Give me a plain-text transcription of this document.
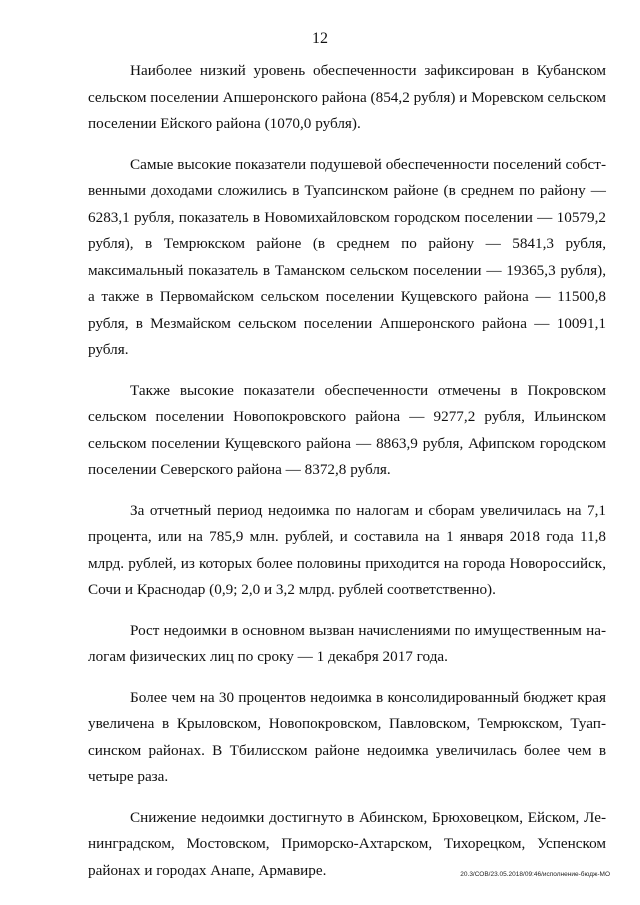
12

Наиболее низкий уровень обеспеченности зафиксирован в Кубанском сельском поселении Апшеронского района (854,2 рубля) и Моревском сельском поселении Ейского района (1070,0 рубля).

Самые высокие показатели подушевой обеспеченности поселений собственными доходами сложились в Туапсинском районе (в среднем по району — 6283,1 рубля, показатель в Новомихайловском городском поселении — 10579,2 рубля), в Темрюкском районе (в среднем по району — 5841,3 рубля, максимальный показатель в Таманском сельском поселении — 19365,3 рубля), а также в Первомайском сельском поселении Кущевского района — 11500,8 рубля, в Мезмайском сельском поселении Апшеронского района — 10091,1 рубля.

Также высокие показатели обеспеченности отмечены в Покровском сельском поселении Новопокровского района — 9277,2 рубля, Ильинском сельском поселении Кущевского района — 8863,9 рубля, Афипском городском поселении Северского района — 8372,8 рубля.

За отчетный период недоимка по налогам и сборам увеличилась на 7,1 процента, или на 785,9 млн. рублей, и составила на 1 января 2018 года 11,8 млрд. рублей, из которых более половины приходится на города Новороссийск, Сочи и Краснодар (0,9; 2,0 и 3,2 млрд. рублей соответственно).

Рост недоимки в основном вызван начислениями по имущественным налогам физических лиц по сроку — 1 декабря 2017 года.

Более чем на 30 процентов недоимка в консолидированный бюджет края увеличена в Крыловском, Новопокровском, Павловском, Темрюкском, Туапсинском районах. В Тбилисском районе недоимка увеличилась более чем в четыре раза.

Снижение недоимки достигнуто в Абинском, Брюховецком, Ейском, Ленинградском, Мостовском, Приморско-Ахтарском, Тихорецком, Успенском районах и городах Анапе, Армавире.	20.3/СОВ/23.05.2018/09:46/исполнение-бюдж-МО
